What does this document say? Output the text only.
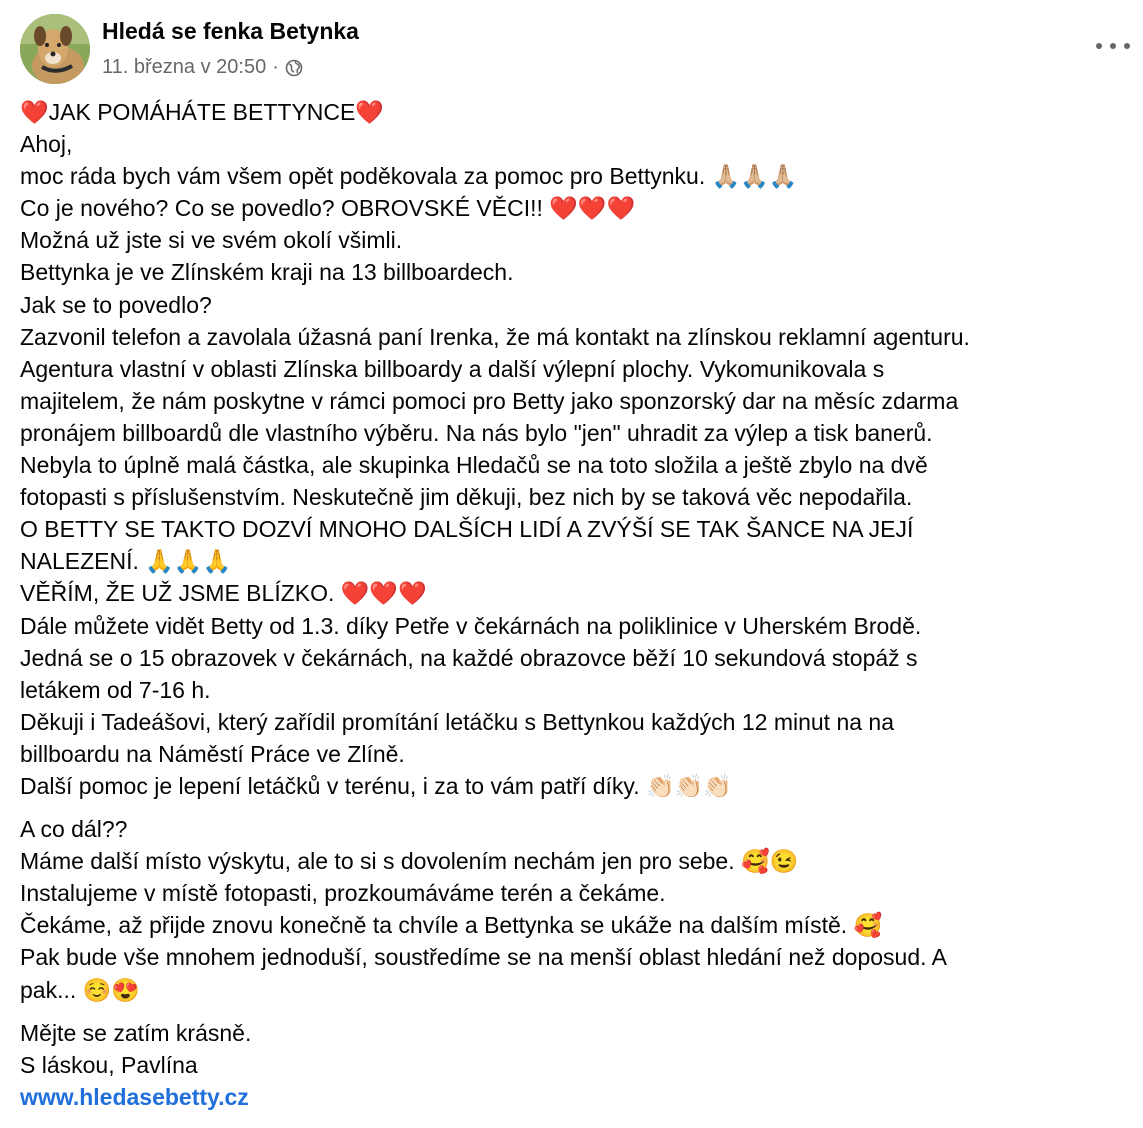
Hledá se fenka Betynka
11. března v 20:50 ·

❤️JAK POMÁHÁTE BETTYNCE❤️

Ahoj,

moc ráda bych vám všem opět poděkovala za pomoc pro Bettynku. 🙏🏼🙏🏼🙏🏼

Co je nového? Co se povedlo? OBROVSKÉ VĚCI!! ❤️❤️❤️

Možná už jste si ve svém okolí všimli.

Bettynka je ve Zlínském kraji na 13 billboardech.

Jak se to povedlo?

Zazvonil telefon a zavolala úžasná paní Irenka, že má kontakt na zlínskou reklamní agenturu.

Agentura vlastní v oblasti Zlínska billboardy a další výlepní plochy. Vykomunikovala s

majitelem, že nám poskytne v rámci pomoci pro Betty jako sponzorský dar na měsíc zdarma

pronájem billboardů dle vlastního výběru. Na nás bylo "jen" uhradit za výlep a tisk banerů.

Nebyla to úplně malá částka, ale skupinka Hledačů se na toto složila a ještě zbylo na dvě

fotopasti s příslušenstvím. Neskutečně jim děkuji, bez nich by se taková věc nepodařila.

O BETTY SE TAKTO DOZVÍ MNOHO DALŠÍCH LIDÍ A ZVÝŠÍ SE TAK ŠANCE NA JEJÍ

NALEZENÍ. 🙏🙏🙏

VĚŘÍM, ŽE UŽ JSME BLÍZKO. ❤️❤️❤️

Dále můžete vidět Betty od 1.3. díky Petře v čekárnách na poliklinice v Uherském Brodě.

Jedná se o 15 obrazovek v čekárnách, na každé obrazovce běží 10 sekundová stopáž s

letákem od 7-16 h.

Děkuji i Tadeášovi, který zařídil promítání letáčku s Bettynkou každých 12 minut na na

billboardu na Náměstí Práce ve Zlíně.

Další pomoc je lepení letáčků v terénu, i za to vám patří díky. 👏🏻👏🏻👏🏻

A co dál??

Máme další místo výskytu, ale to si s dovolením nechám jen pro sebe. 🥰😉

Instalujeme v místě fotopasti, prozkoumáváme terén a čekáme.

Čekáme, až přijde znovu konečně ta chvíle a Bettynka se ukáže na dalším místě. 🥰

Pak bude vše mnohem jednoduší, soustředíme se na menší oblast hledání než doposud. A

pak... ☺️😍

Mějte se zatím krásně.

S láskou, Pavlína

www.hledasebetty.cz
